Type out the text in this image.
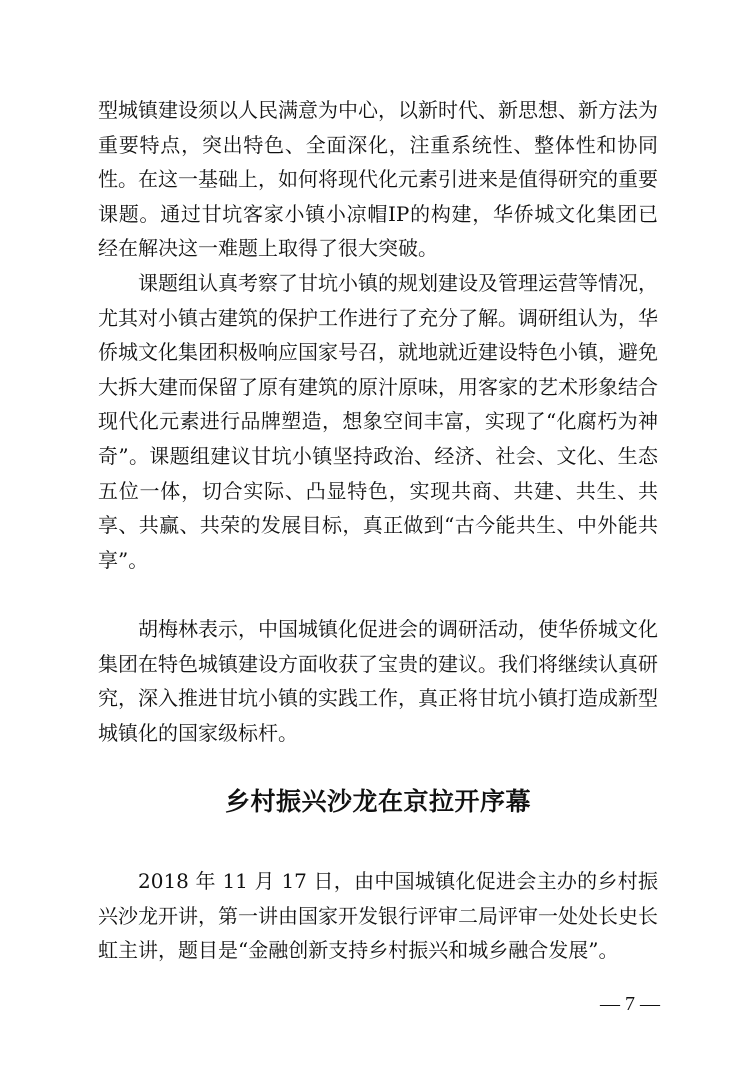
型城镇建设须以人民满意为中心，以新时代、新思想、新方法为重要特点，突出特色、全面深化，注重系统性、整体性和协同性。在这一基础上，如何将现代化元素引进来是值得研究的重要课题。通过甘坑客家小镇小凉帽IP的构建，华侨城文化集团已经在解决这一难题上取得了很大突破。

课题组认真考察了甘坑小镇的规划建设及管理运营等情况，尤其对小镇古建筑的保护工作进行了充分了解。调研组认为，华侨城文化集团积极响应国家号召，就地就近建设特色小镇，避免大拆大建而保留了原有建筑的原汁原味，用客家的艺术形象结合现代化元素进行品牌塑造，想象空间丰富，实现了“化腐朽为神奇”。课题组建议甘坑小镇坚持政治、经济、社会、文化、生态五位一体，切合实际、凸显特色，实现共商、共建、共生、共享、共赢、共荣的发展目标，真正做到“古今能共生、中外能共享”。

胡梅林表示，中国城镇化促进会的调研活动，使华侨城文化集团在特色城镇建设方面收获了宝贵的建议。我们将继续认真研究，深入推进甘坑小镇的实践工作，真正将甘坑小镇打造成新型城镇化的国家级标杆。

乡村振兴沙龙在京拉开序幕

2018 年 11 月 17 日，由中国城镇化促进会主办的乡村振兴沙龙开讲，第一讲由国家开发银行评审二局评审一处处长史长虹主讲，题目是“金融创新支持乡村振兴和城乡融合发展”。

— 7 —
